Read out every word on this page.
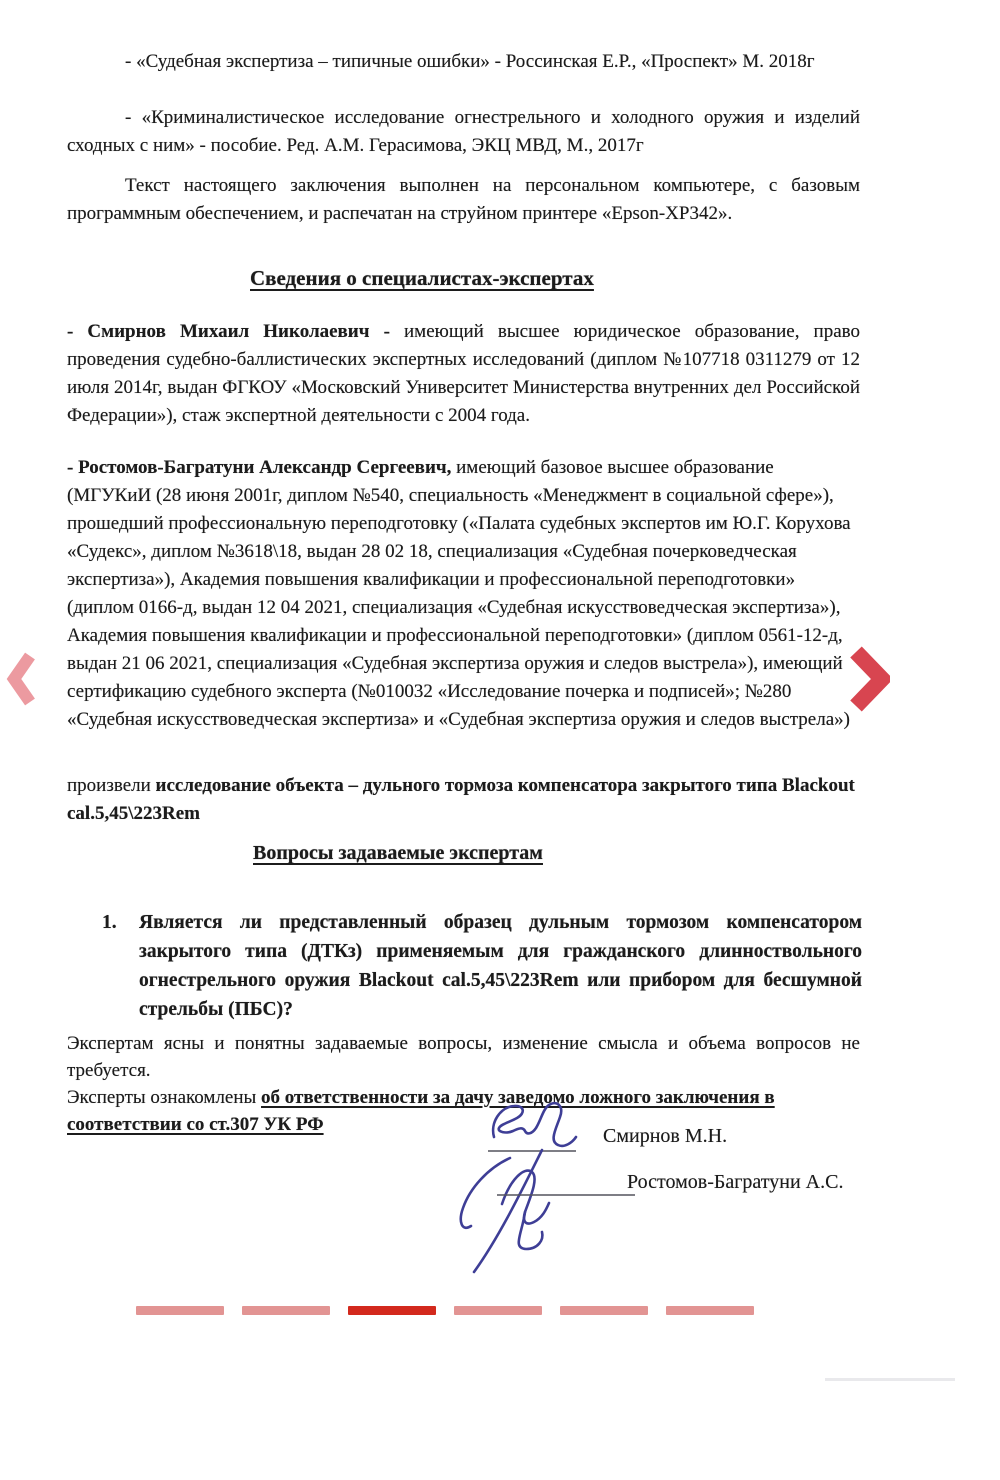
- «Судебная экспертиза – типичные ошибки» - Россинская Е.Р., «Проспект» М. 2018г

- «Криминалистическое исследование огнестрельного и холодного оружия и изделий сходных с ним» - пособие. Ред. А.М. Герасимова, ЭКЦ МВД, М., 2017г

Текст настоящего заключения выполнен на персональном компьютере, с базовым программным обеспечением, и распечатан на струйном принтере «Epson-XP342».

Сведения о специалистах-экспертах

- Смирнов Михаил Николаевич - имеющий высшее юридическое образование, право проведения судебно-баллистических экспертных исследований (диплом №107718 0311279 от 12 июля 2014г, выдан ФГКОУ «Московский Университет Министерства внутренних дел Российской Федерации»), стаж экспертной деятельности с 2004 года.

- Ростомов-Багратуни Александр Сергеевич, имеющий базовое высшее образование (МГУКиИ (28 июня 2001г, диплом №540, специальность «Менеджмент в социальной сфере»), прошедший профессиональную переподготовку («Палата судебных экспертов им Ю.Г. Корухова «Судекс», диплом №3618\18, выдан 28 02 18, специализация «Судебная почерковедческая экспертиза»), Академия повышения квалификации и профессиональной переподготовки» (диплом 0166-д, выдан 12 04 2021, специализация «Судебная искусствоведческая экспертиза»), Академия повышения квалификации и профессиональной переподготовки» (диплом 0561-12-д, выдан 21 06 2021, специализация «Судебная экспертиза оружия и следов выстрела»), имеющий сертификацию судебного эксперта (№010032 «Исследование почерка и подписей»; №280 «Судебная искусствоведческая экспертиза» и «Судебная экспертиза оружия и следов выстрела»)

произвели исследование объекта – дульного тормоза компенсатора закрытого типа Blackout cal.5,45\223Rem

Вопросы задаваемые экспертам
1.	Является ли представленный образец дульным тормозом компенсатором закрытого типа (ДТКз) применяемым для гражданского длинноствольного огнестрельного оружия Blackout cal.5,45\223Rem или прибором для бесшумной стрельбы (ПБС)?

Экспертам ясны и понятны задаваемые вопросы, изменение смысла и объема вопросов не требуется.

Эксперты ознакомлены об ответственности за дачу заведомо ложного заключения в соответствии со ст.307 УК РФ

Смирнов М.Н.
Ростомов-Багратуни А.С.
